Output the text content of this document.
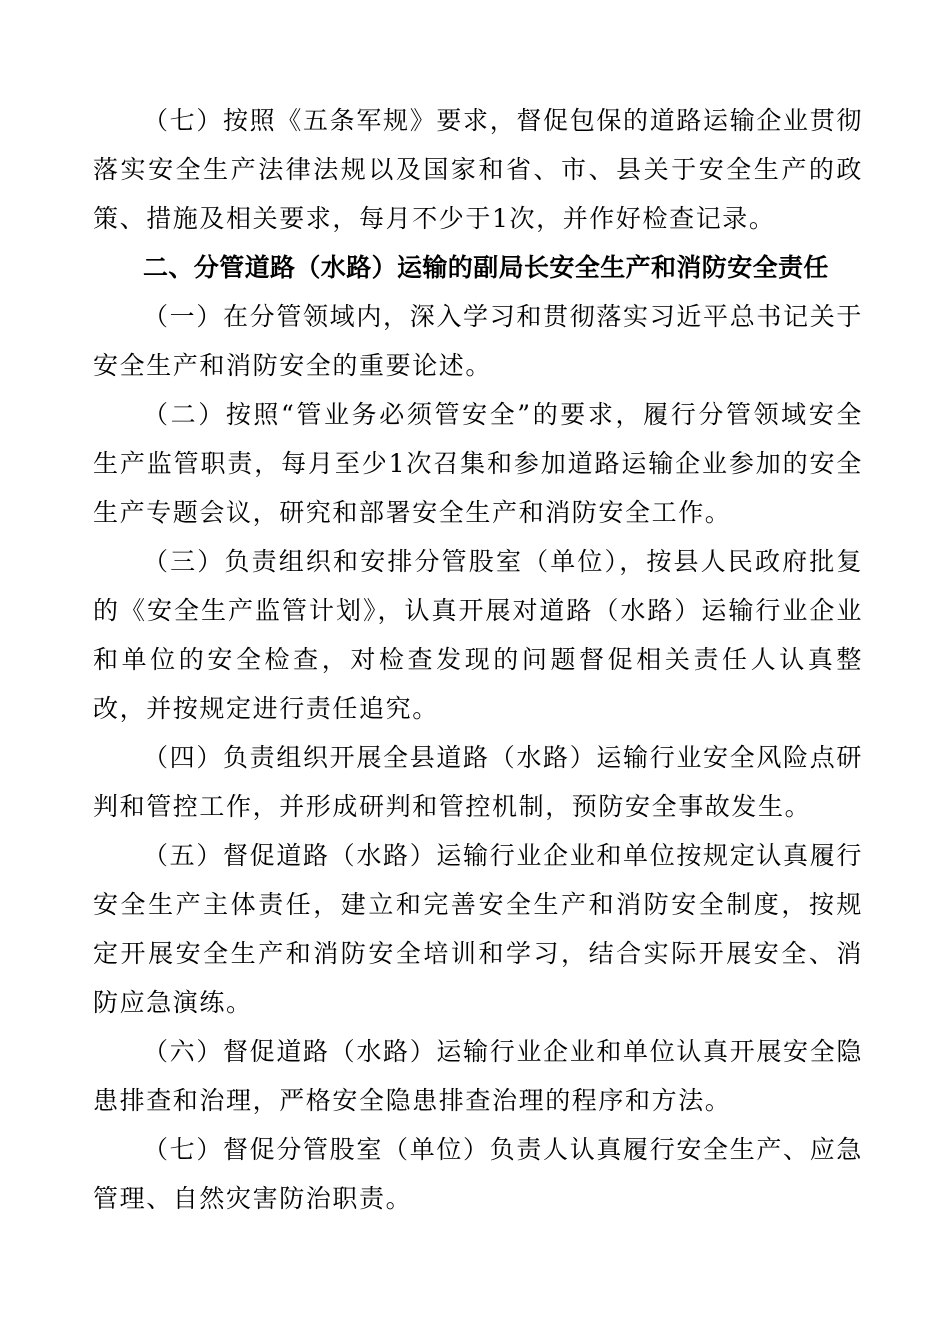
（七）按照《五条军规》要求，督促包保的道路运输企业贯彻落实安全生产法律法规以及国家和省、市、县关于安全生产的政策、措施及相关要求，每月不少于1次，并作好检查记录。

二、分管道路（水路）运输的副局长安全生产和消防安全责任

（一）在分管领域内，深入学习和贯彻落实习近平总书记关于安全生产和消防安全的重要论述。

（二）按照“管业务必须管安全”的要求，履行分管领域安全生产监管职责，每月至少1次召集和参加道路运输企业参加的安全生产专题会议，研究和部署安全生产和消防安全工作。

（三）负责组织和安排分管股室（单位），按县人民政府批复的《安全生产监管计划》，认真开展对道路（水路）运输行业企业和单位的安全检查，对检查发现的问题督促相关责任人认真整改，并按规定进行责任追究。

（四）负责组织开展全县道路（水路）运输行业安全风险点研判和管控工作，并形成研判和管控机制，预防安全事故发生。

（五）督促道路（水路）运输行业企业和单位按规定认真履行安全生产主体责任，建立和完善安全生产和消防安全制度，按规定开展安全生产和消防安全培训和学习，结合实际开展安全、消防应急演练。

（六）督促道路（水路）运输行业企业和单位认真开展安全隐患排查和治理，严格安全隐患排查治理的程序和方法。

（七）督促分管股室（单位）负责人认真履行安全生产、应急管理、自然灾害防治职责。
